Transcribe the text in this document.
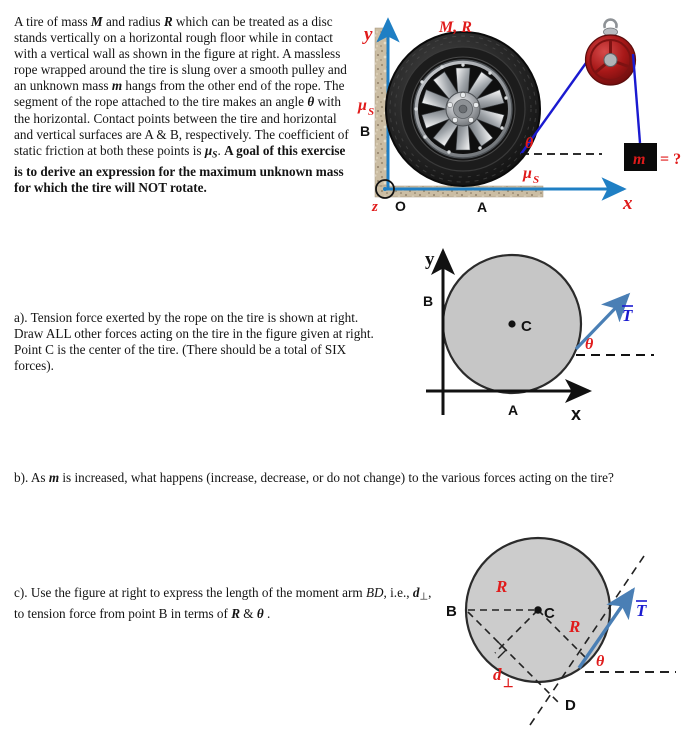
A tire of mass M and radius R which can be treated as a disc stands vertically on a horizontal rough floor while in contact with a vertical wall as shown in the figure at right. A massless rope wrapped around the tire is slung over a smooth pulley and an unknown mass m hangs from the other end of the rope. The segment of the rope attached to the tire makes an angle θ with the horizontal. Contact points between the tire and horizontal and vertical surfaces are A & B, respectively. The coefficient of static friction at both these points is $\mu_S$. A goal of this exercise is to derive an expression for the maximum unknown mass for which the tire will NOT rotate.
a). Tension force exerted by the rope on the tire is shown at right. Draw ALL other forces acting on the tire in the figure given at right. Point C is the center of the tire. (There should be a total of SIX forces).
b). As m is increased, what happens (increase, decrease, or do not change) to the various forces acting on the tire?
c). Use the figure at right to express the length of the moment arm BD, i.e., d⊥, to tension force from point B in terms of R & θ .
y
x
z O
M, R
μ S
B
μ S
A
θ
m = ?
y
x
B
A
C
θ
T
B	C
D
R
R
d ⊥
θ
T
